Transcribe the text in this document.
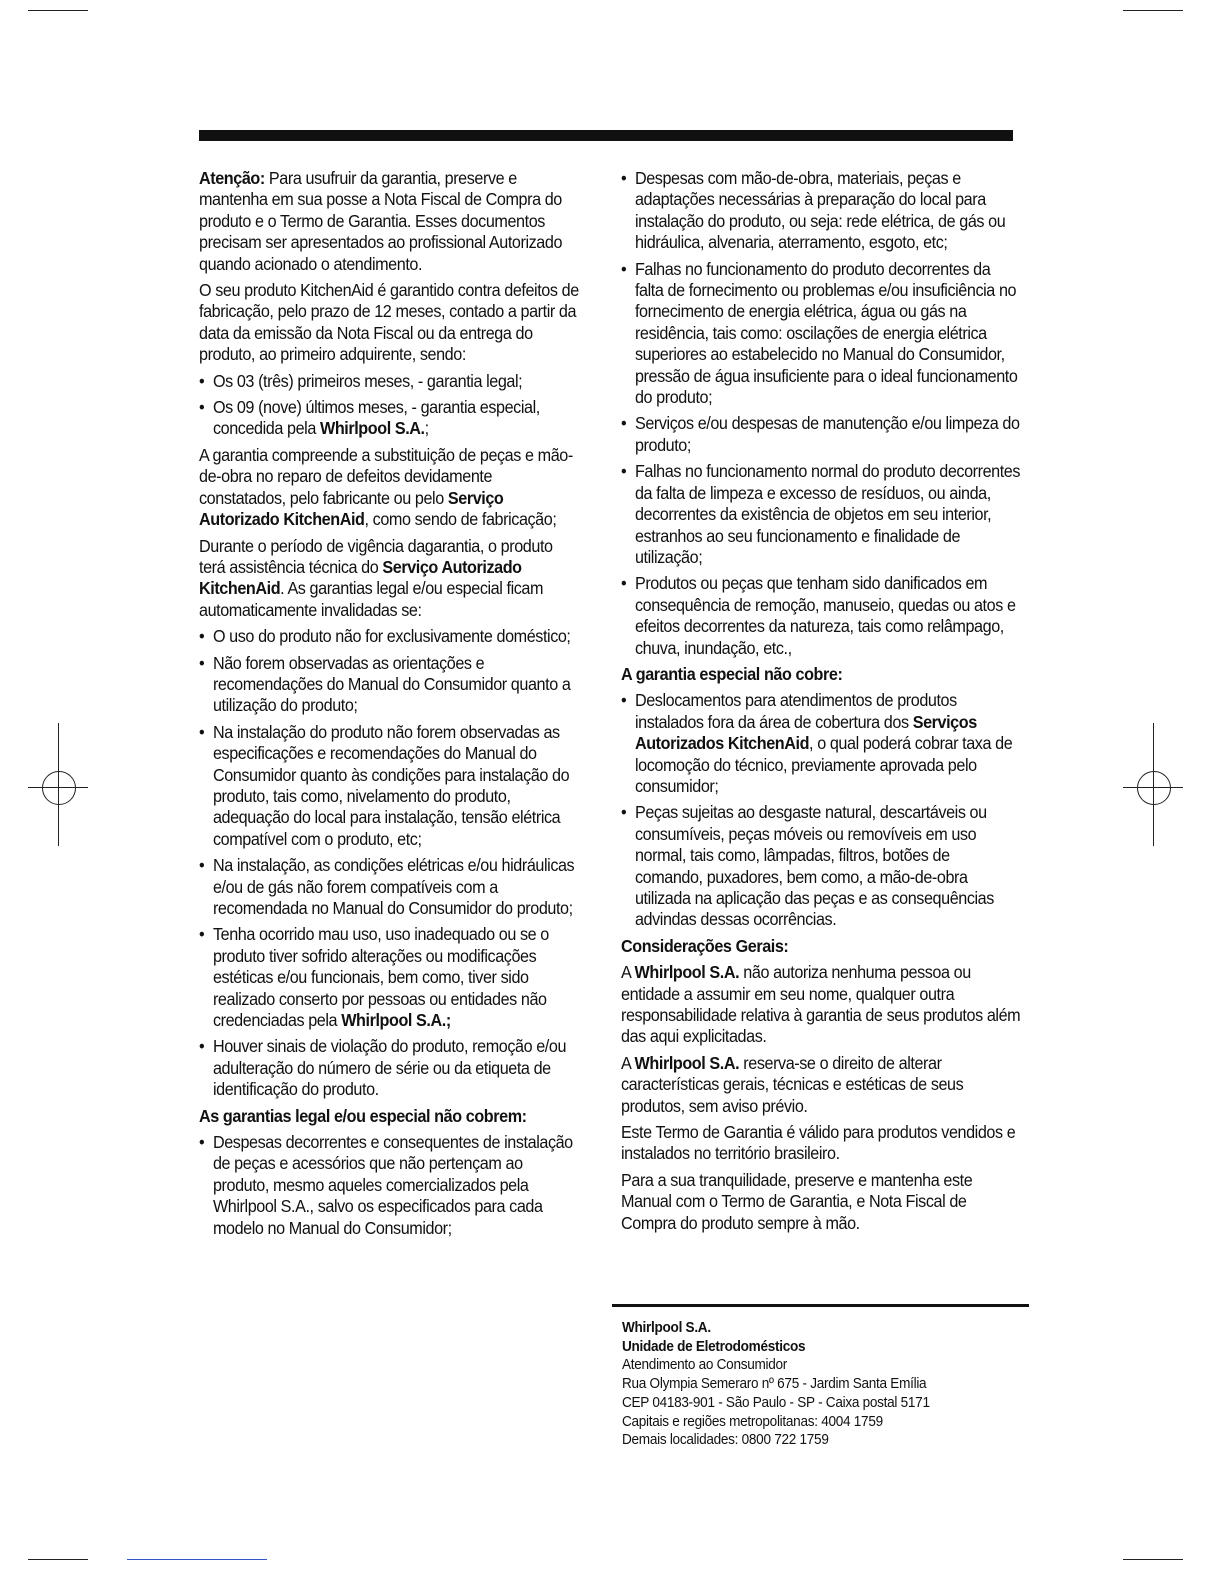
Atenção: Para usufruir da garantia, preserve e mantenha em sua posse a Nota Fiscal de Compra do produto e o Termo de Garantia. Esses documentos precisam ser apresentados ao profissional Autorizado quando acionado o atendimento.

O seu produto KitchenAid é garantido contra defeitos de fabricação, pelo prazo de 12 meses, contado a partir da data da emissão da Nota Fiscal ou da entrega do produto, ao primeiro adquirente, sendo:

• Os 03 (três) primeiros meses, - garantia legal;
• Os 09 (nove) últimos meses, - garantia especial, concedida pela Whirlpool S.A.;

A garantia compreende a substituição de peças e mão-de-obra no reparo de defeitos devidamente constatados, pelo fabricante ou pelo Serviço Autorizado KitchenAid, como sendo de fabricação;

Durante o período de vigência dagarantia, o produto terá assistência técnica do Serviço Autorizado KitchenAid. As garantias legal e/ou especial ficam automaticamente invalidadas se:

• O uso do produto não for exclusivamente doméstico;
• Não forem observadas as orientações e recomendações do Manual do Consumidor quanto a utilização do produto;
• Na instalação do produto não forem observadas as especificações e recomendações do Manual do Consumidor quanto às condições para instalação do produto, tais como, nivelamento do produto, adequação do local para instalação, tensão elétrica compatível com o produto, etc;
• Na instalação, as condições elétricas e/ou hidráulicas e/ou de gás não forem compatíveis com a recomendada no Manual do Consumidor do produto;
• Tenha ocorrido mau uso, uso inadequado ou se o produto tiver sofrido alterações ou modificações estéticas e/ou funcionais, bem como, tiver sido realizado conserto por pessoas ou entidades não credenciadas pela Whirlpool S.A.;
• Houver sinais de violação do produto, remoção e/ou adulteração do número de série ou da etiqueta de identificação do produto.
As garantias legal e/ou especial não cobrem:
• Despesas decorrentes e consequentes de instalação de peças e acessórios que não pertençam ao produto, mesmo aqueles comercializados pela Whirlpool S.A., salvo os especificados para cada modelo no Manual do Consumidor;
• Despesas com mão-de-obra, materiais, peças e adaptações necessárias à preparação do local para instalação do produto, ou seja: rede elétrica, de gás ou hidráulica, alvenaria, aterramento, esgoto, etc;
• Falhas no funcionamento do produto decorrentes da falta de fornecimento ou problemas e/ou insuficiência no fornecimento de energia elétrica, água ou gás na residência, tais como: oscilações de energia elétrica superiores ao estabelecido no Manual do Consumidor, pressão de água insuficiente para o ideal funcionamento do produto;
• Serviços e/ou despesas de manutenção e/ou limpeza do produto;
• Falhas no funcionamento normal do produto decorrentes da falta de limpeza e excesso de resíduos, ou ainda, decorrentes da existência de objetos em seu interior, estranhos ao seu funcionamento e finalidade de utilização;
• Produtos ou peças que tenham sido danificados em consequência de remoção, manuseio, quedas ou atos e efeitos decorrentes da natureza, tais como relâmpago, chuva, inundação, etc.,
A garantia especial não cobre:
• Deslocamentos para atendimentos de produtos instalados fora da área de cobertura dos Serviços Autorizados KitchenAid, o qual poderá cobrar taxa de locomoção do técnico, previamente aprovada pelo consumidor;
• Peças sujeitas ao desgaste natural, descartáveis ou consumíveis, peças móveis ou removíveis em uso normal, tais como, lâmpadas, filtros, botões de comando, puxadores, bem como, a mão-de-obra utilizada na aplicação das peças e as consequências advindas dessas ocorrências.
Considerações Gerais:

A Whirlpool S.A. não autoriza nenhuma pessoa ou entidade a assumir em seu nome, qualquer outra responsabilidade relativa à garantia de seus produtos além das aqui explicitadas.

A Whirlpool S.A. reserva-se o direito de alterar características gerais, técnicas e estéticas de seus produtos, sem aviso prévio.

Este Termo de Garantia é válido para produtos vendidos e instalados no território brasileiro.

Para a sua tranquilidade, preserve e mantenha este Manual com o Termo de Garantia, e Nota Fiscal de Compra do produto sempre à mão.

Whirlpool S.A.
Unidade de Eletrodomésticos
Atendimento ao Consumidor
Rua Olympia Semeraro nº 675 - Jardim Santa Emília
CEP 04183-901 - São Paulo - SP - Caixa postal 5171
Capitais e regiões metropolitanas: 4004 1759
Demais localidades: 0800 722 1759
